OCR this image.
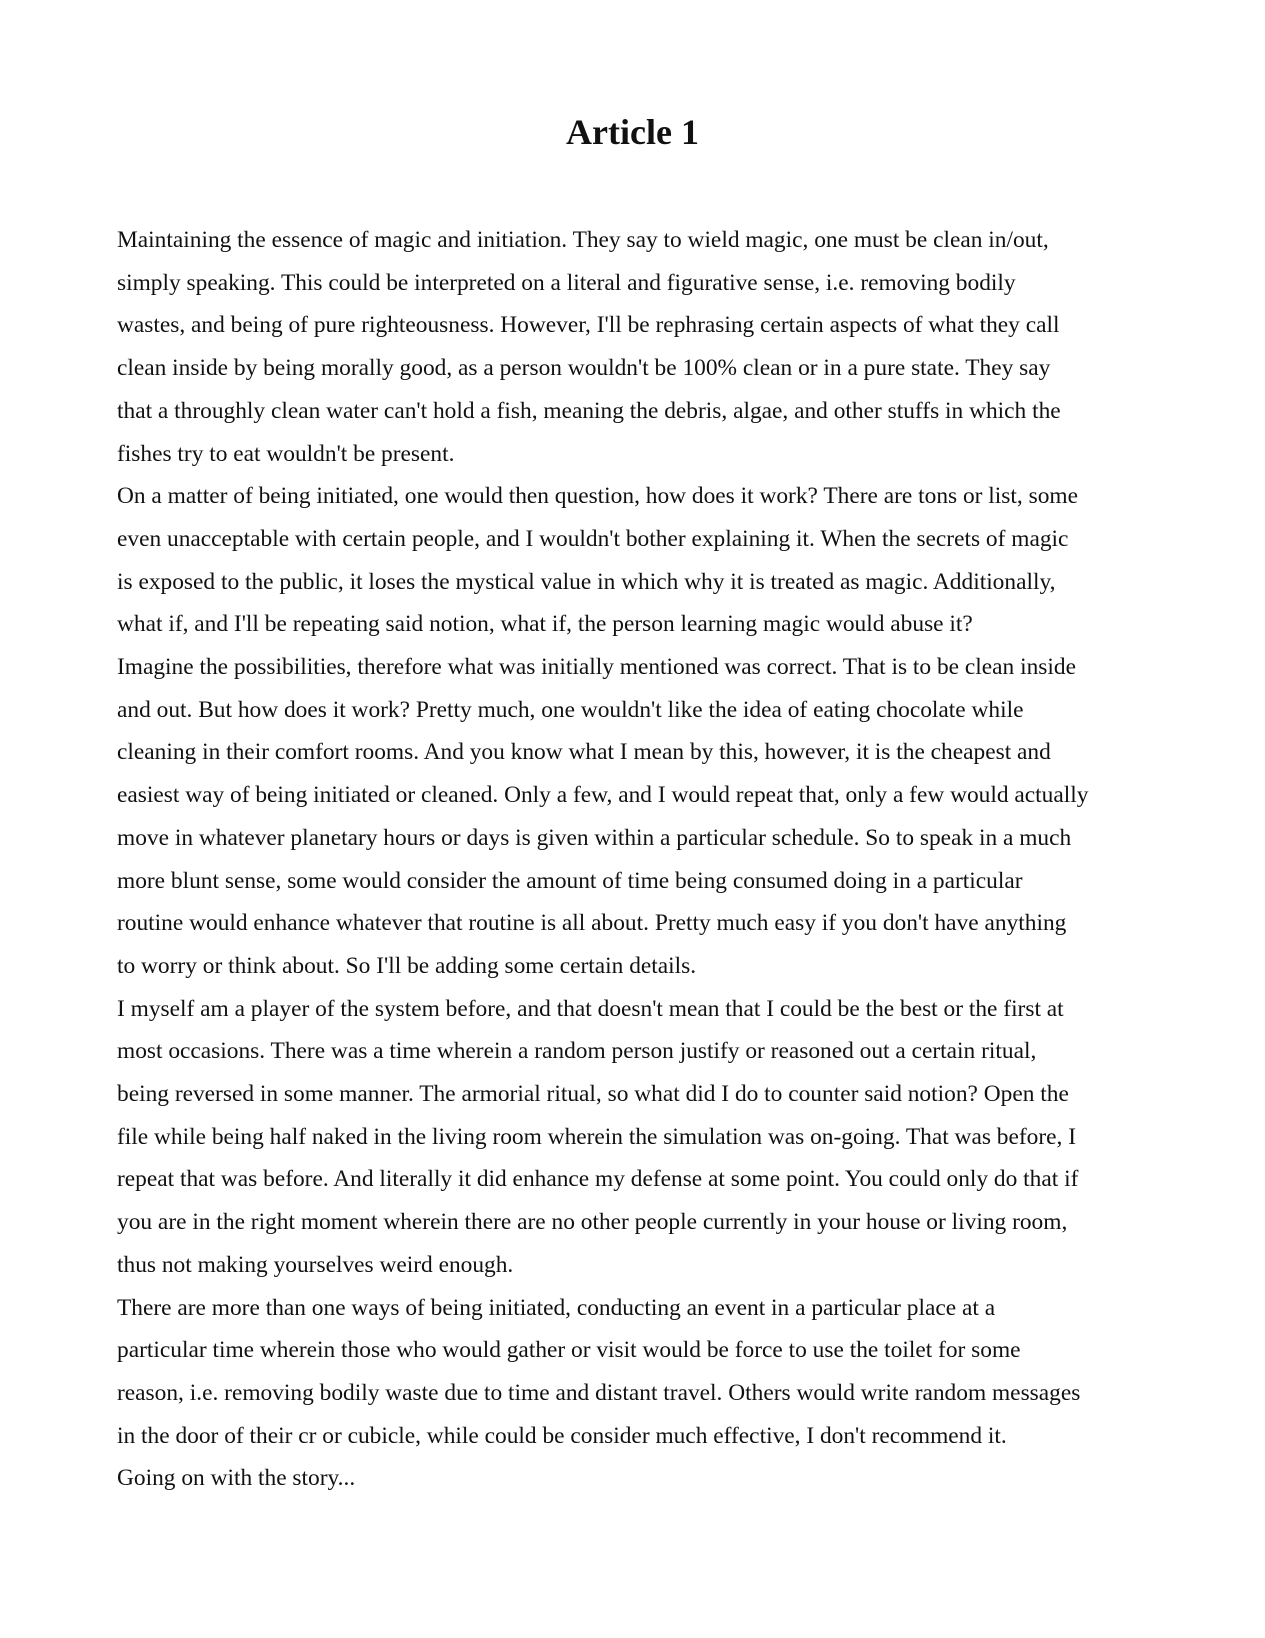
Article 1
Maintaining the essence of magic and initiation. They say to wield magic, one must be clean in/out,
simply speaking. This could be interpreted on a literal and figurative sense, i.e. removing bodily
wastes, and being of pure righteousness. However, I'll be rephrasing certain aspects of what they call
clean inside by being morally good, as a person wouldn't be 100% clean or in a pure state. They say
that a throughly clean water can't hold a fish, meaning the debris, algae, and other stuffs in which the
fishes try to eat wouldn't be present.
On a matter of being initiated, one would then question, how does it work? There are tons or list, some
even unacceptable with certain people, and I wouldn't bother explaining it. When the secrets of magic
is exposed to the public, it loses the mystical value in which why it is treated as magic. Additionally,
what if, and I'll be repeating said notion, what if, the person learning magic would abuse it?
Imagine the possibilities, therefore what was initially mentioned was correct. That is to be clean inside
and out. But how does it work? Pretty much, one wouldn't like the idea of eating chocolate while
cleaning in their comfort rooms. And you know what I mean by this, however, it is the cheapest and
easiest way of being initiated or cleaned. Only a few, and I would repeat that, only a few would actually
move in whatever planetary hours or days is given within a particular schedule. So to speak in a much
more blunt sense, some would consider the amount of time being consumed doing in a particular
routine would enhance whatever that routine is all about. Pretty much easy if you don't have anything
to worry or think about. So I'll be adding some certain details.
I myself am a player of the system before, and that doesn't mean that I could be the best or the first at
most occasions. There was a time wherein a random person justify or reasoned out a certain ritual,
being reversed in some manner. The armorial ritual, so what did I do to counter said notion? Open the
file while being half naked in the living room wherein the simulation was on-going. That was before, I
repeat that was before. And literally it did enhance my defense at some point. You could only do that if
you are in the right moment wherein there are no other people currently in your house or living room,
thus not making yourselves weird enough.
There are more than one ways of being initiated, conducting an event in a particular place at a
particular time wherein those who would gather or visit would be force to use the toilet for some
reason, i.e. removing bodily waste due to time and distant travel. Others would write random messages
in the door of their cr or cubicle, while could be consider much effective, I don't recommend it.
Going on with the story...
